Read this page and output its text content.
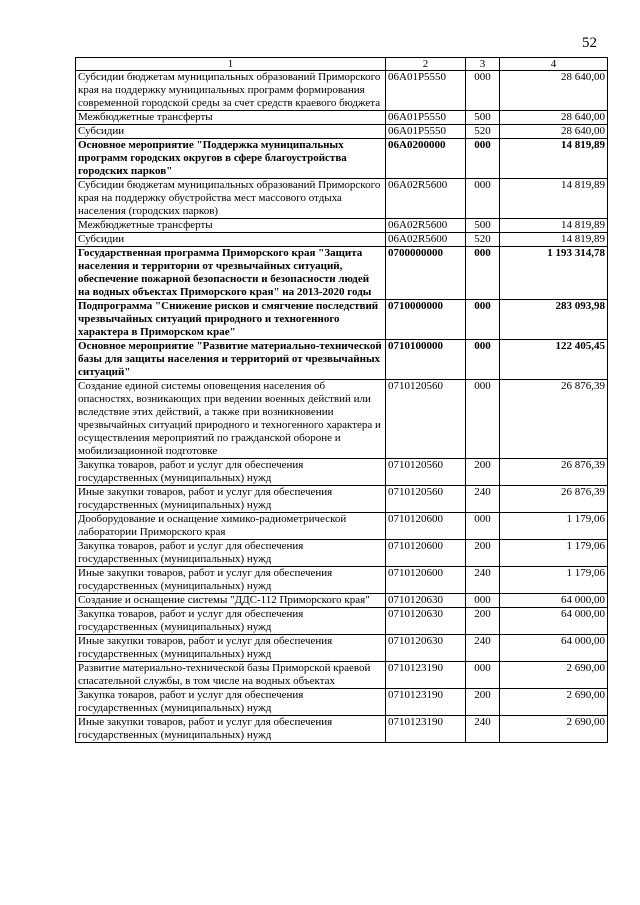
52
1	2	3	4
Субсидии бюджетам муниципальных образований Приморского края на поддержку муниципальных программ формирования современной городской среды за счет средств краевого бюджета	06А01Р5550	000	28 640,00
Межбюджетные трансферты	06А01Р5550	500	28 640,00
Субсидии	06А01Р5550	520	28 640,00
Основное мероприятие "Поддержка муниципальных программ городских округов в сфере благоустройства городских парков"	06А0200000	000	14 819,89
Субсидии бюджетам муниципальных образований Приморского края на поддержку обустройства мест массового отдыха населения (городских парков)	06А02R5600	000	14 819,89
Межбюджетные трансферты	06А02R5600	500	14 819,89
Субсидии	06А02R5600	520	14 819,89
Государственная программа Приморского края "Защита населения и территории от чрезвычайных ситуаций, обеспечение пожарной безопасности и безопасности людей на водных объектах Приморского края" на 2013-2020 годы	0700000000	000	1 193 314,78
Подпрограмма "Снижение рисков и смягчение последствий чрезвычайных ситуаций природного и техногенного характера в Приморском крае"	0710000000	000	283 093,98
Основное мероприятие "Развитие материально-технической базы для защиты населения и территорий от чрезвычайных ситуаций"	0710100000	000	122 405,45
Создание единой системы оповещения населения об опасностях, возникающих при ведении военных действий или вследствие этих действий, а также при возникновении чрезвычайных ситуаций природного и техногенного характера и осуществления мероприятий по гражданской обороне и мобилизационной подготовке	0710120560	000	26 876,39
Закупка товаров, работ и услуг для обеспечения государственных (муниципальных) нужд	0710120560	200	26 876,39
Иные закупки товаров, работ и услуг для обеспечения государственных (муниципальных) нужд	0710120560	240	26 876,39
Дооборудование и оснащение химико-радиометрической лаборатории Приморского края	0710120600	000	1 179,06
Закупка товаров, работ и услуг для обеспечения государственных (муниципальных) нужд	0710120600	200	1 179,06
Иные закупки товаров, работ и услуг для обеспечения государственных (муниципальных) нужд	0710120600	240	1 179,06
Создание и оснащение системы "ДДС-112 Приморского края"	0710120630	000	64 000,00
Закупка товаров, работ и услуг для обеспечения государственных (муниципальных) нужд	0710120630	200	64 000,00
Иные закупки товаров, работ и услуг для обеспечения государственных (муниципальных) нужд	0710120630	240	64 000,00
Развитие материально-технической базы Приморской краевой спасательной службы, в том числе на водных объектах	0710123190	000	2 690,00
Закупка товаров, работ и услуг для обеспечения государственных (муниципальных) нужд	0710123190	200	2 690,00
Иные закупки товаров, работ и услуг для обеспечения государственных (муниципальных) нужд	0710123190	240	2 690,00
